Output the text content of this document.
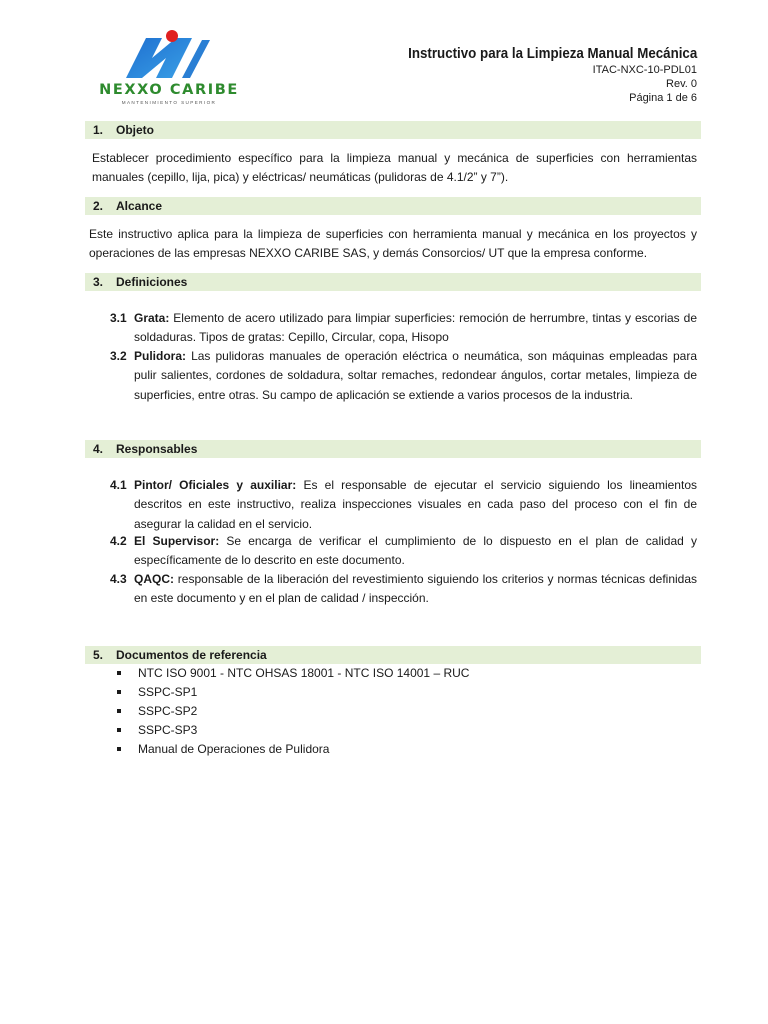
NEXXO CARIBE
MANTENIMIENTO SUPERIOR
Instructivo para la Limpieza Manual Mecánica
ITAC-NXC-10-PDL01
Rev. 0
Página 1 de 6
1. Objeto
Establecer procedimiento específico para la limpieza manual y mecánica de superficies con herramientas manuales (cepillo, lija, pica) y eléctricas/ neumáticas (pulidoras de 4.1/2” y 7”).
2. Alcance
Este instructivo aplica para la limpieza de superficies con herramienta manual y mecánica en los proyectos y operaciones de las empresas NEXXO CARIBE SAS, y demás Consorcios/ UT que la empresa conforme.
3. Definiciones
3.1 Grata: Elemento de acero utilizado para limpiar superficies: remoción de herrumbre, tintas y escorias de soldaduras. Tipos de gratas: Cepillo, Circular, copa, Hisopo
3.2 Pulidora: Las pulidoras manuales de operación eléctrica o neumática, son máquinas empleadas para pulir salientes, cordones de soldadura, soltar remaches, redondear ángulos, cortar metales, limpieza de superficies, entre otras. Su campo de aplicación se extiende a varios procesos de la industria.
4. Responsables
4.1 Pintor/ Oficiales y auxiliar: Es el responsable de ejecutar el servicio siguiendo los lineamientos descritos en este instructivo, realiza inspecciones visuales en cada paso del proceso con el fin de asegurar la calidad en el servicio.
4.2 El Supervisor: Se encarga de verificar el cumplimiento de lo dispuesto en el plan de calidad y específicamente de lo descrito en este documento.
4.3 QAQC: responsable de la liberación del revestimiento siguiendo los criterios y normas técnicas definidas en este documento y en el plan de calidad / inspección.
5. Documentos de referencia
NTC ISO 9001 - NTC OHSAS 18001 - NTC ISO 14001 – RUC
SSPC-SP1
SSPC-SP2
SSPC-SP3
Manual de Operaciones de Pulidora
